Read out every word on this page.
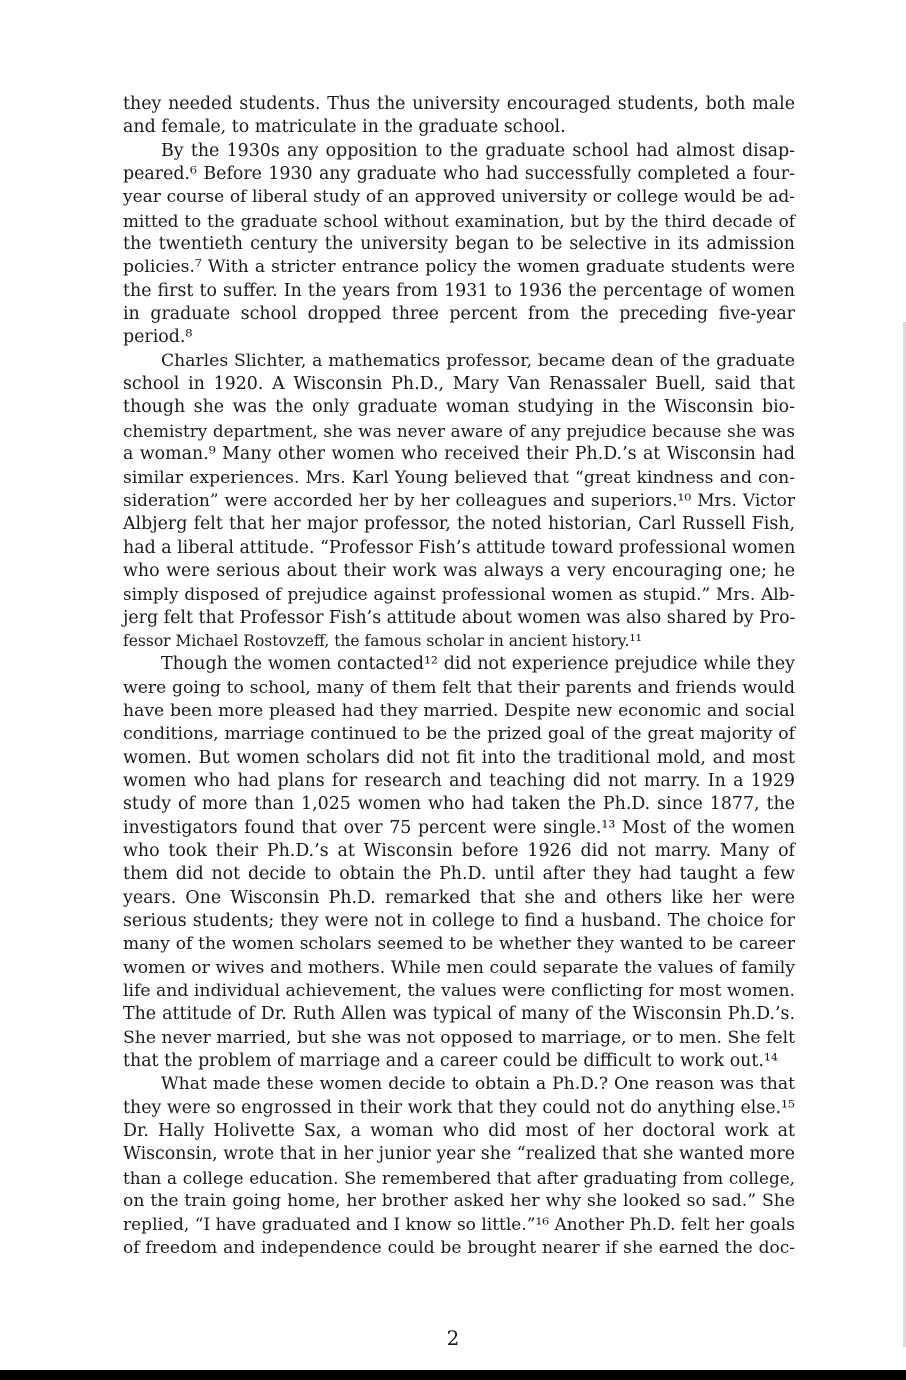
they needed students. Thus the university encouraged students, both male
and female, to matriculate in the graduate school.
By the 1930s any opposition to the graduate school had almost disap-
peared.⁶ Before 1930 any graduate who had successfully completed a four-
year course of liberal study of an approved university or college would be ad-
mitted to the graduate school without examination, but by the third decade of
the twentieth century the university began to be selective in its admission
policies.⁷ With a stricter entrance policy the women graduate students were
the first to suffer. In the years from 1931 to 1936 the percentage of women
in graduate school dropped three percent from the preceding five-year
period.⁸
Charles Slichter, a mathematics professor, became dean of the graduate
school in 1920. A Wisconsin Ph.D., Mary Van Renassaler Buell, said that
though she was the only graduate woman studying in the Wisconsin bio-
chemistry department, she was never aware of any prejudice because she was
a woman.⁹ Many other women who received their Ph.D.’s at Wisconsin had
similar experiences. Mrs. Karl Young believed that “great kindness and con-
sideration” were accorded her by her colleagues and superiors.¹⁰ Mrs. Victor
Albjerg felt that her major professor, the noted historian, Carl Russell Fish,
had a liberal attitude. “Professor Fish’s attitude toward professional women
who were serious about their work was always a very encouraging one; he
simply disposed of prejudice against professional women as stupid.” Mrs. Alb-
jerg felt that Professor Fish’s attitude about women was also shared by Pro-
fessor Michael Rostovzeff, the famous scholar in ancient history.¹¹
Though the women contacted¹² did not experience prejudice while they
were going to school, many of them felt that their parents and friends would
have been more pleased had they married. Despite new economic and social
conditions, marriage continued to be the prized goal of the great majority of
women. But women scholars did not fit into the traditional mold, and most
women who had plans for research and teaching did not marry. In a 1929
study of more than 1,025 women who had taken the Ph.D. since 1877, the
investigators found that over 75 percent were single.¹³ Most of the women
who took their Ph.D.’s at Wisconsin before 1926 did not marry. Many of
them did not decide to obtain the Ph.D. until after they had taught a few
years. One Wisconsin Ph.D. remarked that she and others like her were
serious students; they were not in college to find a husband. The choice for
many of the women scholars seemed to be whether they wanted to be career
women or wives and mothers. While men could separate the values of family
life and individual achievement, the values were conflicting for most women.
The attitude of Dr. Ruth Allen was typical of many of the Wisconsin Ph.D.’s.
She never married, but she was not opposed to marriage, or to men. She felt
that the problem of marriage and a career could be difficult to work out.¹⁴
What made these women decide to obtain a Ph.D.? One reason was that
they were so engrossed in their work that they could not do anything else.¹⁵
Dr. Hally Holivette Sax, a woman who did most of her doctoral work at
Wisconsin, wrote that in her junior year she “realized that she wanted more
than a college education. She remembered that after graduating from college,
on the train going home, her brother asked her why she looked so sad.” She
replied, “I have graduated and I know so little.”¹⁶ Another Ph.D. felt her goals
of freedom and independence could be brought nearer if she earned the doc-
2
